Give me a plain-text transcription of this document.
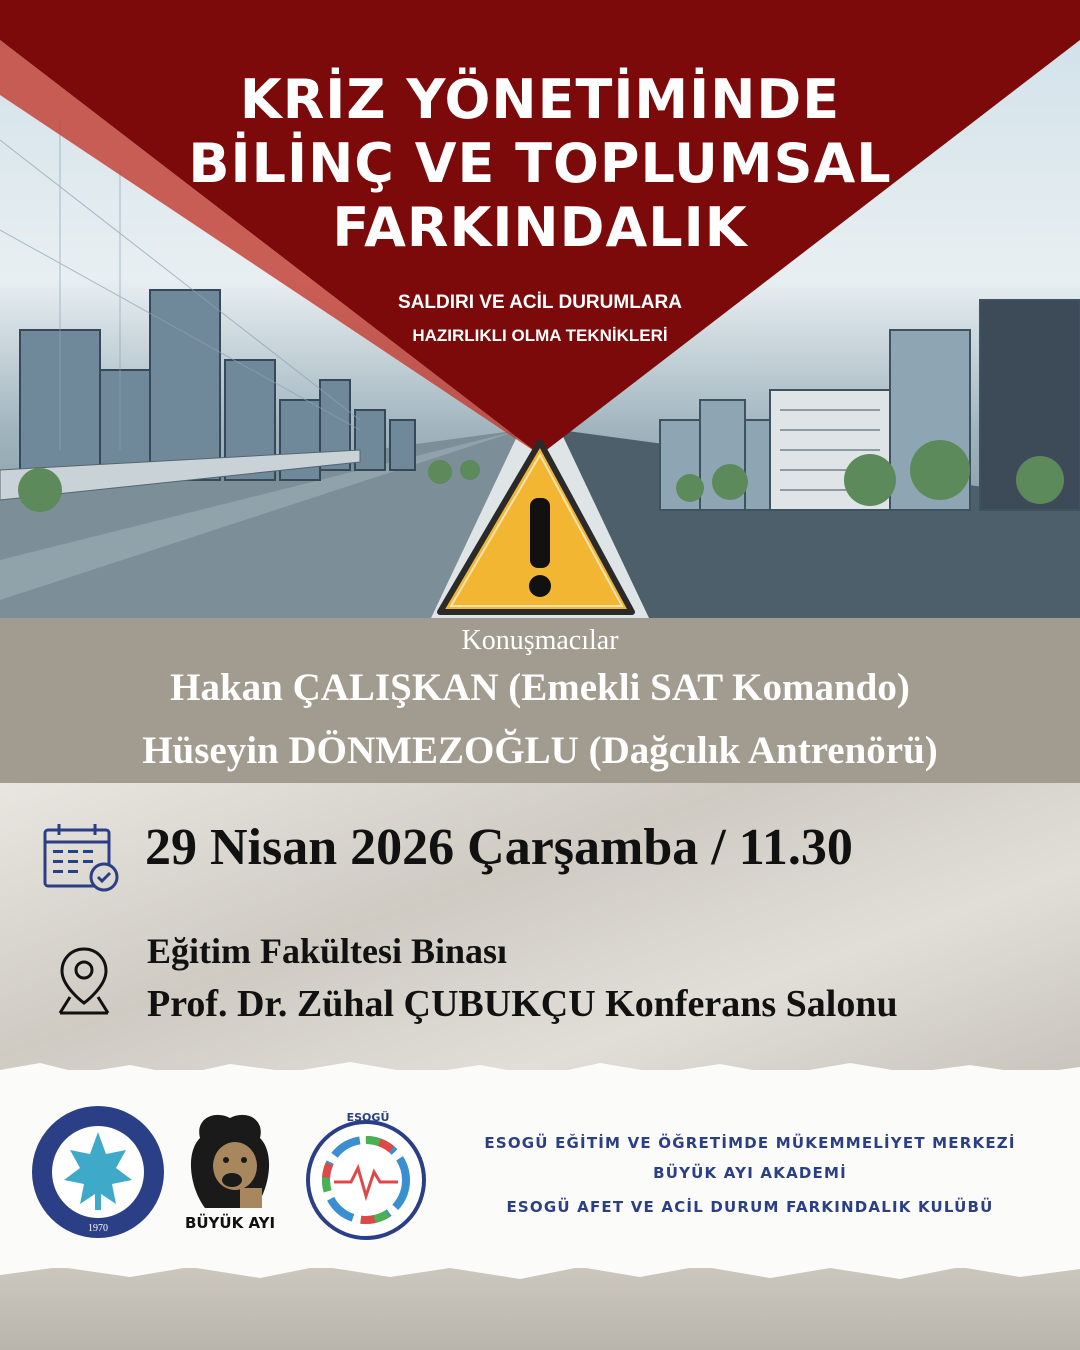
KRİZ YÖNETİMİNDE
BİLİNÇ VE TOPLUMSAL
FARKINDALIK
SALDIRI VE ACİL DURUMLARA
HAZIRLIKLI OLMA TEKNİKLERİ
Konuşmacılar
Hakan ÇALIŞKAN (Emekli SAT Komando)
Hüseyin DÖNMEZOĞLU (Dağcılık Antrenörü)
29 Nisan 2026 Çarşamba / 11.30
Eğitim Fakültesi Binası
Prof. Dr. Zühal ÇUBUKÇU Konferans Salonu
1970	BÜYÜK AYI
ESOGÜ
ESOGÜ EĞİTİM VE ÖĞRETİMDE MÜKEMMELİYET MERKEZİ
BÜYÜK AYI AKADEMİ
ESOGÜ AFET VE ACİL DURUM FARKINDALIK KULÜBÜ
